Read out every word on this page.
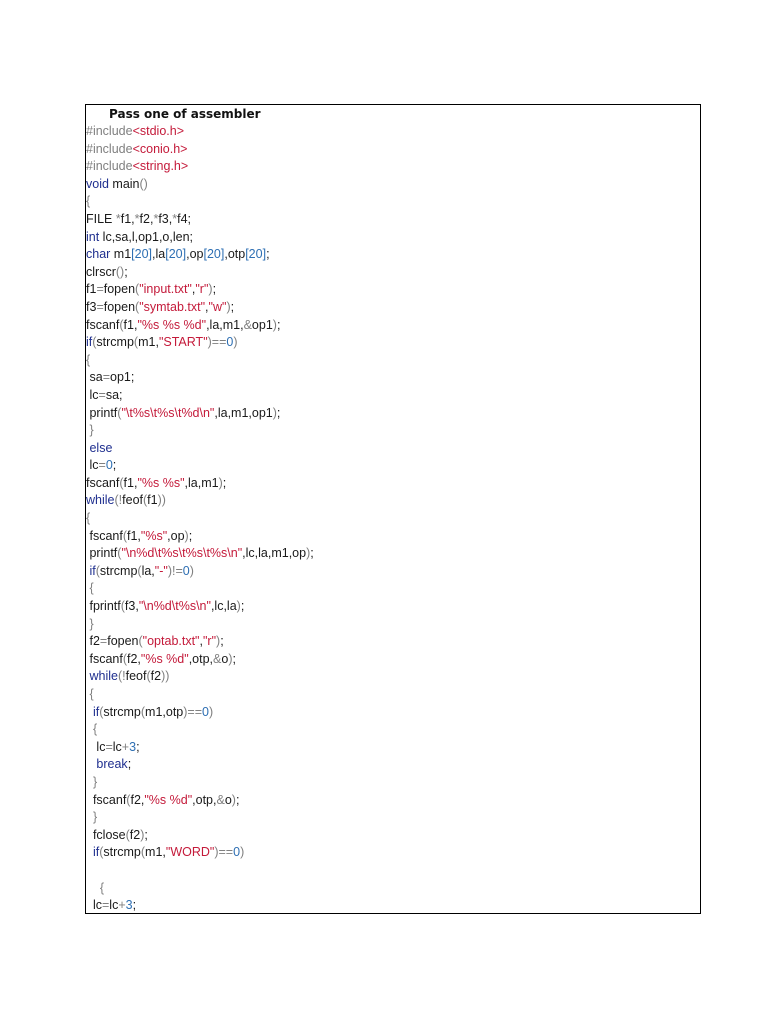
Pass one of assembler
#include<stdio.h>
#include<conio.h>
#include<string.h>
void main()
{
FILE *f1,*f2,*f3,*f4;
int lc,sa,l,op1,o,len;
char m1[20],la[20],op[20],otp[20];
clrscr();
f1=fopen("input.txt","r");
f3=fopen("symtab.txt","w");
fscanf(f1,"%s %s %d",la,m1,&op1);
if(strcmp(m1,"START")==0)
{
sa=op1;
lc=sa;
printf("\t%s\t%s\t%d\n",la,m1,op1);
}
else
lc=0;
fscanf(f1,"%s %s",la,m1);
while(!feof(f1))
{
fscanf(f1,"%s",op);
printf("\n%d\t%s\t%s\t%s\n",lc,la,m1,op);
if(strcmp(la,"-")!=0)
{
fprintf(f3,"\n%d\t%s\n",lc,la);
}
f2=fopen("optab.txt","r");
fscanf(f2,"%s %d",otp,&o);
while(!feof(f2))
{
if(strcmp(m1,otp)==0)
{
lc=lc+3;
break;
}
fscanf(f2,"%s %d",otp,&o);
}
fclose(f2);
if(strcmp(m1,"WORD")==0)

{
lc=lc+3;
